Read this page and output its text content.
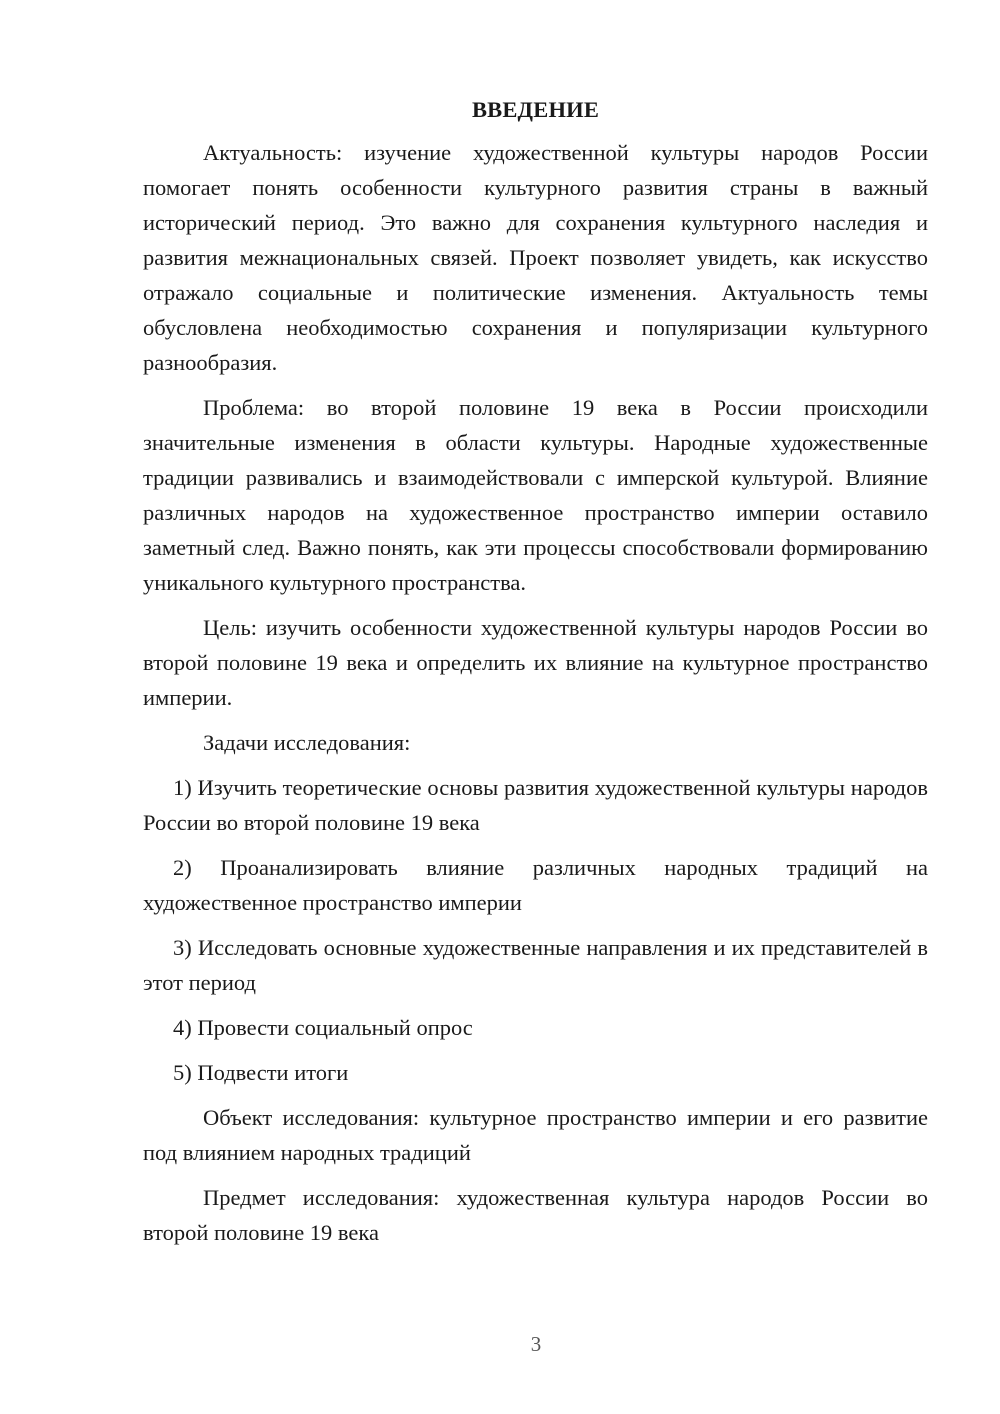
ВВЕДЕНИЕ

Актуальность: изучение художественной культуры народов России помогает понять особенности культурного развития страны в важный исторический период. Это важно для сохранения культурного наследия и развития межнациональных связей. Проект позволяет увидеть, как искусство отражало социальные и политические изменения. Актуальность темы обусловлена необходимостью сохранения и популяризации культурного разнообразия.

Проблема: во второй половине 19 века в России происходили значительные изменения в области культуры. Народные художественные традиции развивались и взаимодействовали с имперской культурой. Влияние различных народов на художественное пространство империи оставило заметный след. Важно понять, как эти процессы способствовали формированию уникального культурного пространства.

Цель: изучить особенности художественной культуры народов России во второй половине 19 века и определить их влияние на культурное пространство империи.

Задачи исследования:

1) Изучить теоретические основы развития художественной культуры народов России во второй половине 19 века

2) Проанализировать влияние различных народных традиций на художественное пространство империи

3) Исследовать основные художественные направления и их представителей в этот период

4) Провести социальный опрос

5) Подвести итоги

Объект исследования: культурное пространство империи и его развитие под влиянием народных традиций

Предмет исследования: художественная культура народов России во второй половине 19 века

3
